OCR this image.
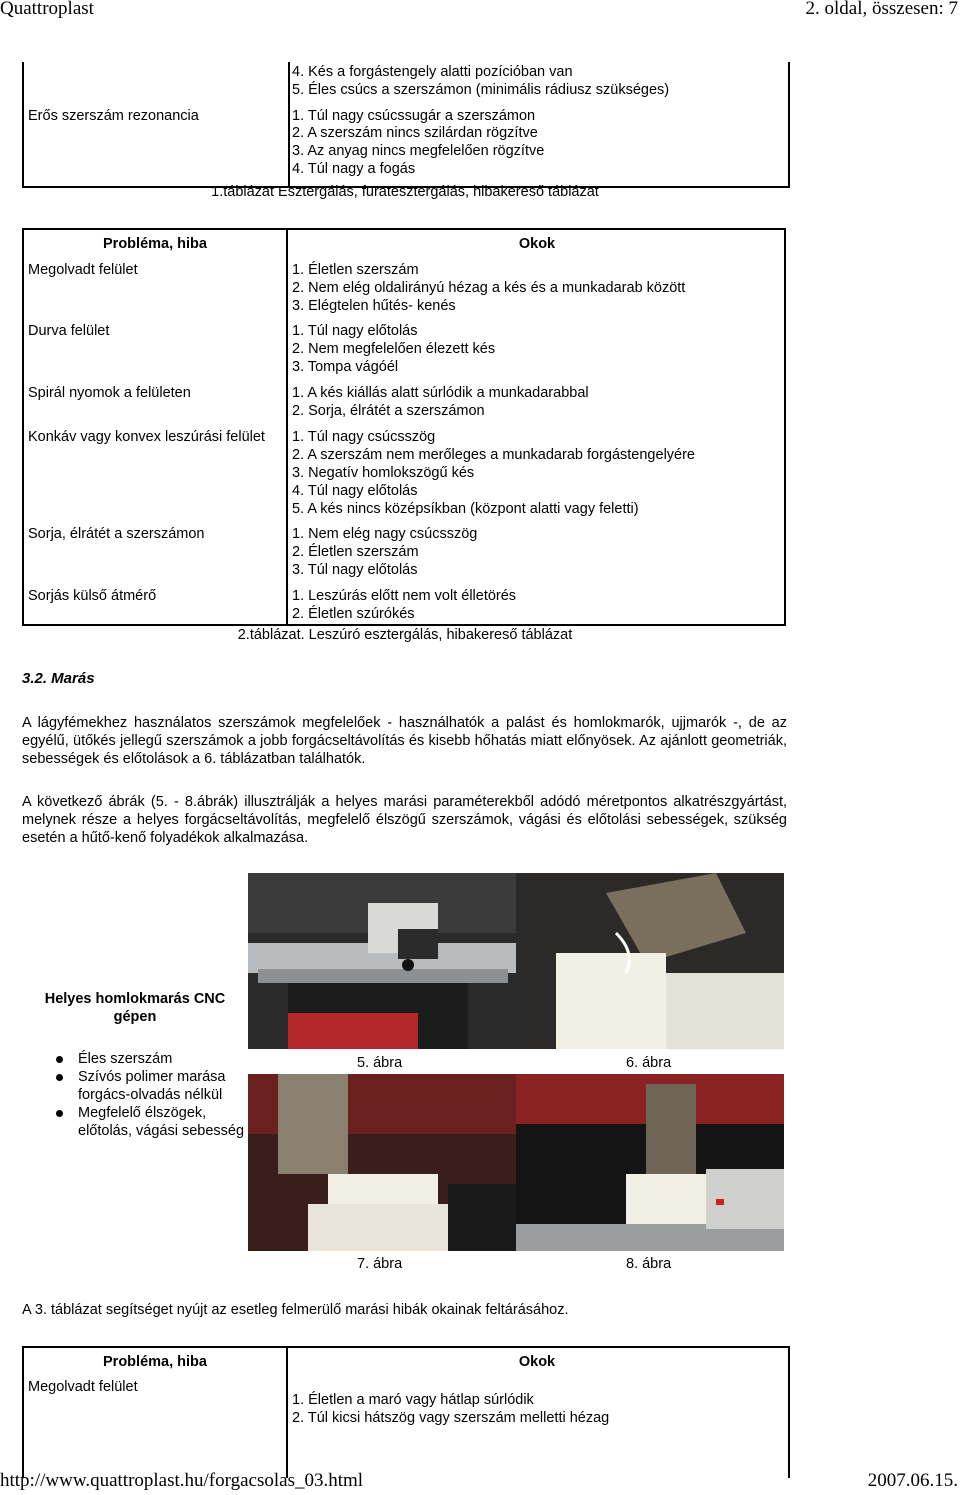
Quattroplast	2. oldal, összesen: 7
4. Kés a forgástengely alatti pozícióban van
5. Éles csúcs a szerszámon (minimális rádiusz szükséges)
Erős szerszám rezonancia	1. Túl nagy csúcssugár a szerszámon
2. A szerszám nincs szilárdan rögzítve
3. Az anyag nincs megfelelően rögzítve
4. Túl nagy a fogás
1.táblázat Esztergálás, furatesztergálás, hibakereső táblázat
Probléma, hiba	Okok
Megolvadt felület	1. Életlen szerszám
2. Nem elég oldalirányú hézag a kés és a munkadarab között
3. Elégtelen hűtés- kenés
Durva felület	1. Túl nagy előtolás
2. Nem megfelelően élezett kés
3. Tompa vágóél
Spirál nyomok a felületen	1. A kés kiállás alatt súrlódik a munkadarabbal
2. Sorja, élrátét a szerszámon
Konkáv vagy konvex leszúrási felület 1. Túl nagy csúcsszög
2. A szerszám nem merőleges a munkadarab forgástengelyére
3. Negatív homlokszögű kés
4. Túl nagy előtolás
5. A kés nincs középsíkban (központ alatti vagy feletti)
Sorja, élrátét a szerszámon	1. Nem elég nagy csúcsszög
2. Életlen szerszám
3. Túl nagy előtolás
Sorjás külső átmérő	1. Leszúrás előtt nem volt élletörés
2. Életlen szúrókés
2.táblázat. Leszúró esztergálás, hibakereső táblázat
3.2. Marás
A lágyfémekhez használatos szerszámok megfelelőek - használhatók a palást és homlokmarók, ujjmarók -, de az egyélű, ütőkés jellegű szerszámok a jobb forgácseltávolítás és kisebb hőhatás miatt előnyösek. Az ajánlott geometriák, sebességek és előtolások a 6. táblázatban találhatók.
A következő ábrák (5. - 8.ábrák) illusztrálják a helyes marási paraméterekből adódó méretpontos alkatrészgyártást, melynek része a helyes forgácseltávolítás, megfelelő élszögű szerszámok, vágási és előtolási sebességek, szükség esetén a hűtő-kenő folyadékok alkalmazása.
Helyes homlokmarás CNC gépen
Éles szerszám
Szívós polimer marása forgács-olvadás nélkül
Megfelelő élszögek, előtolás, vágási sebesség
5. ábra	6. ábra
7. ábra	8. ábra
A 3. táblázat segítséget nyújt az esetleg felmerülő marási hibák okainak feltárásához.
Probléma, hiba	Okok
Megolvadt felület
1. Életlen a maró vagy hátlap súrlódik
2. Túl kicsi hátszög vagy szerszám melletti hézag
http://www.quattroplast.hu/forgacsolas_03.html	2007.06.15.
